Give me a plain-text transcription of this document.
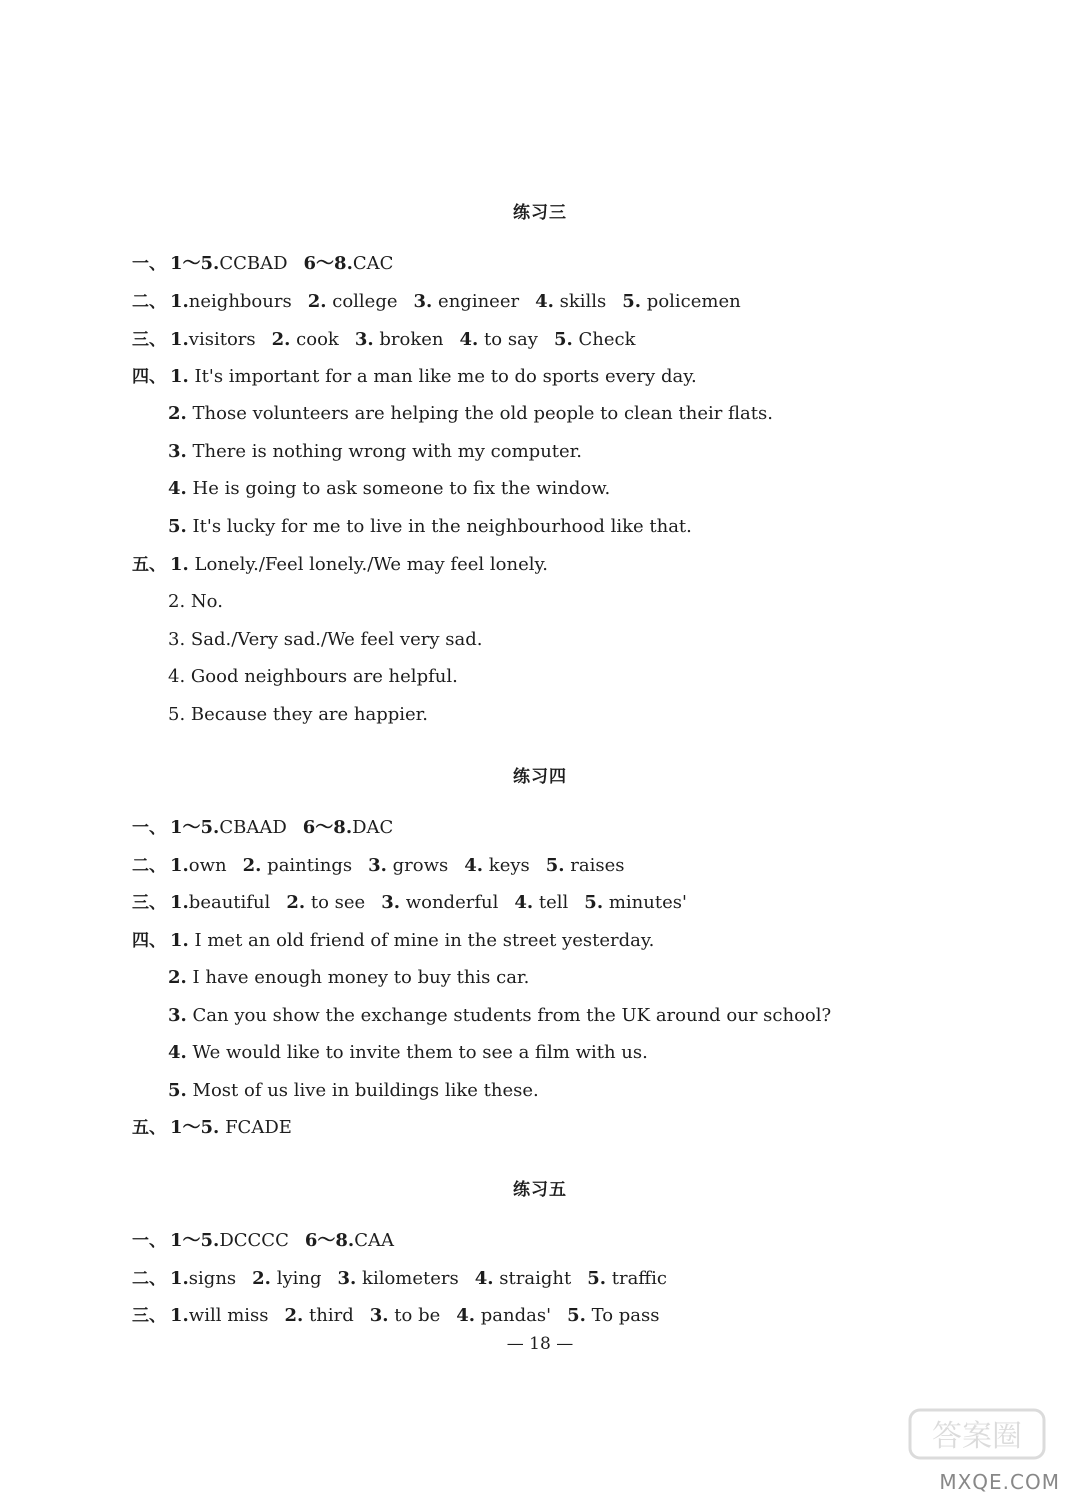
练习三
一、 1～5.CCBAD 6～8.CAC
二、 1.neighbours 2. college 3. engineer 4. skills 5. policemen
三、 1.visitors 2. cook 3. broken 4. to say 5. Check
四、 1. It's important for a man like me to do sports every day.
2. Those volunteers are helping the old people to clean their flats.
3. There is nothing wrong with my computer.
4. He is going to ask someone to fix the window.
5. It's lucky for me to live in the neighbourhood like that.
五、 1. Lonely./Feel lonely./We may feel lonely.
2. No.
3. Sad./Very sad./We feel very sad.
4. Good neighbours are helpful.
5. Because they are happier.
练习四
一、 1～5.CBAAD 6～8.DAC
二、 1.own 2. paintings 3. grows 4. keys 5. raises
三、 1.beautiful 2. to see 3. wonderful 4. tell 5. minutes'
四、 1. I met an old friend of mine in the street yesterday.
2. I have enough money to buy this car.
3. Can you show the exchange students from the UK around our school?
4. We would like to invite them to see a film with us.
5. Most of us live in buildings like these.
五、 1～5. FCADE
练习五
一、 1～5.DCCCC 6～8.CAA
二、 1.signs 2. lying 3. kilometers 4. straight 5. traffic
三、 1.will miss 2. third 3. to be 4. pandas' 5. To pass
— 18 —
答案圈
MXQE.COM
